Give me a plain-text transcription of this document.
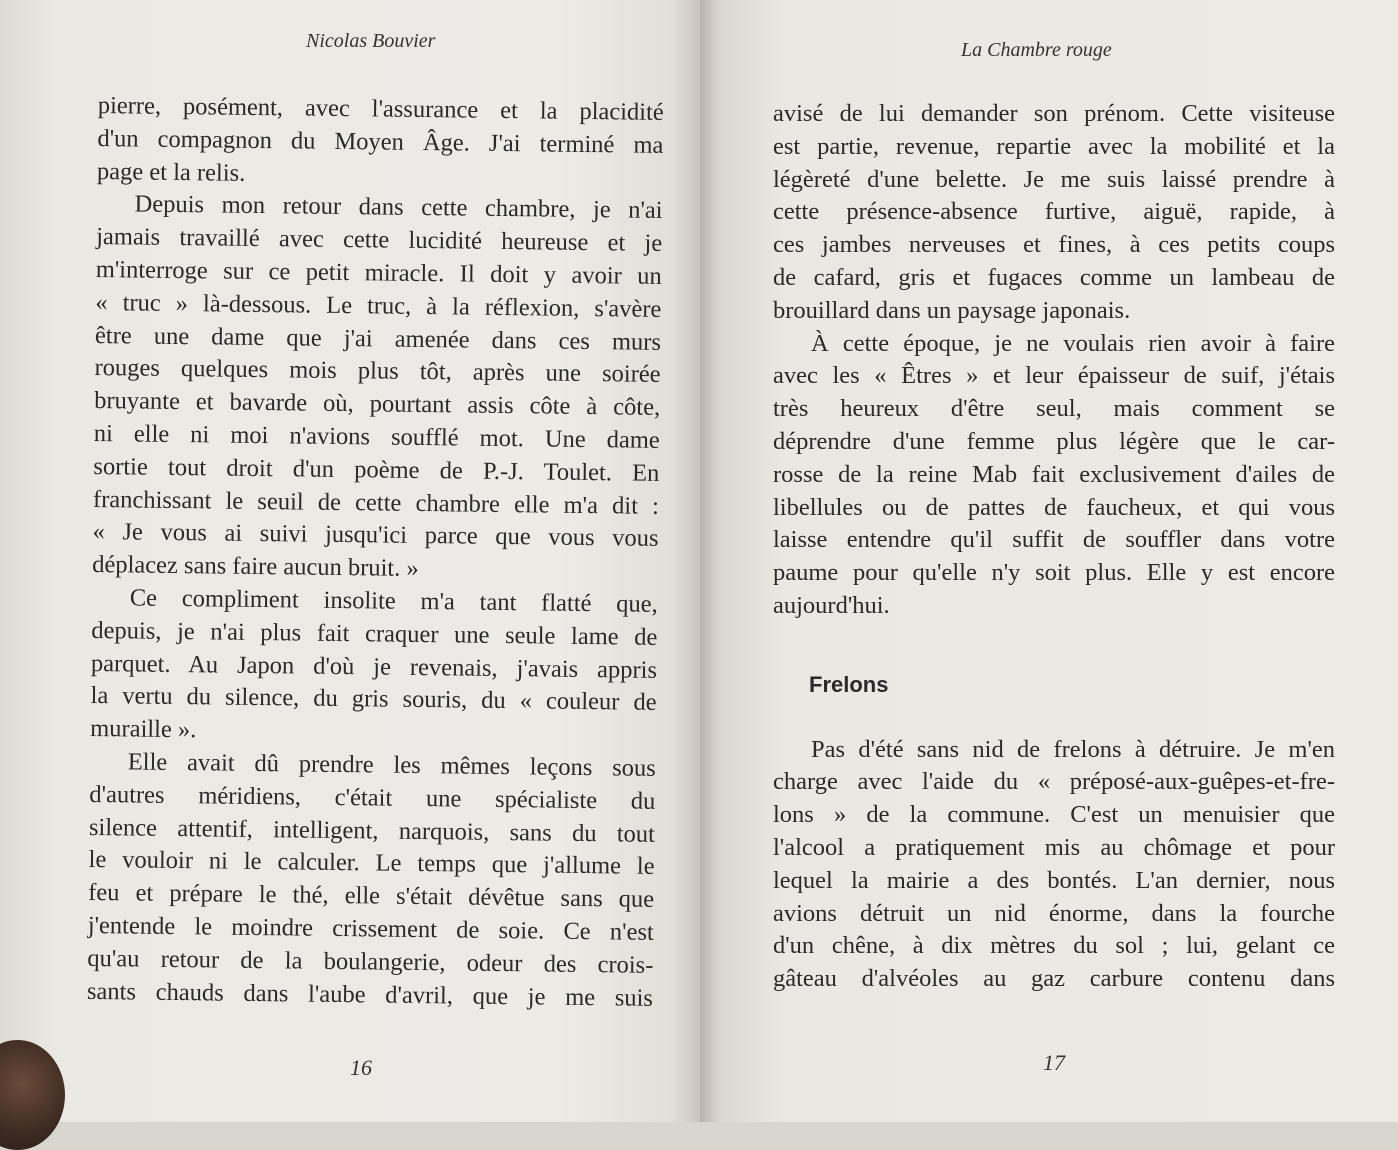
Nicolas Bouvier
pierre, posément, avec l'assurance et la placidité
d'un compagnon du Moyen Âge. J'ai terminé ma
page et la relis.
Depuis mon retour dans cette chambre, je n'ai
jamais travaillé avec cette lucidité heureuse et je
m'interroge sur ce petit miracle. Il doit y avoir un
« truc » là-dessous. Le truc, à la réflexion, s'avère
être une dame que j'ai amenée dans ces murs
rouges quelques mois plus tôt, après une soirée
bruyante et bavarde où, pourtant assis côte à côte,
ni elle ni moi n'avions soufflé mot. Une dame
sortie tout droit d'un poème de P.-J. Toulet. En
franchissant le seuil de cette chambre elle m'a dit :
« Je vous ai suivi jusqu'ici parce que vous vous
déplacez sans faire aucun bruit. »
Ce compliment insolite m'a tant flatté que,
depuis, je n'ai plus fait craquer une seule lame de
parquet. Au Japon d'où je revenais, j'avais appris
la vertu du silence, du gris souris, du « couleur de
muraille ».
Elle avait dû prendre les mêmes leçons sous
d'autres méridiens, c'était une spécialiste du
silence attentif, intelligent, narquois, sans du tout
le vouloir ni le calculer. Le temps que j'allume le
feu et prépare le thé, elle s'était dévêtue sans que
j'entende le moindre crissement de soie. Ce n'est
qu'au retour de la boulangerie, odeur des crois-
sants chauds dans l'aube d'avril, que je me suis
16
La Chambre rouge
17
avisé de lui demander son prénom. Cette visiteuse
est partie, revenue, repartie avec la mobilité et la
légèreté d'une belette. Je me suis laissé prendre à
cette présence-absence furtive, aiguë, rapide, à
ces jambes nerveuses et fines, à ces petits coups
de cafard, gris et fugaces comme un lambeau de
brouillard dans un paysage japonais.
À cette époque, je ne voulais rien avoir à faire
avec les « Êtres » et leur épaisseur de suif, j'étais
très heureux d'être seul, mais comment se
déprendre d'une femme plus légère que le car-
rosse de la reine Mab fait exclusivement d'ailes de
libellules ou de pattes de faucheux, et qui vous
laisse entendre qu'il suffit de souffler dans votre
paume pour qu'elle n'y soit plus. Elle y est encore
aujourd'hui.
Frelons
Pas d'été sans nid de frelons à détruire. Je m'en
charge avec l'aide du « préposé-aux-guêpes-et-fre-
lons » de la commune. C'est un menuisier que
l'alcool a pratiquement mis au chômage et pour
lequel la mairie a des bontés. L'an dernier, nous
avions détruit un nid énorme, dans la fourche
d'un chêne, à dix mètres du sol ; lui, gelant ce
gâteau d'alvéoles au gaz carbure contenu dans
